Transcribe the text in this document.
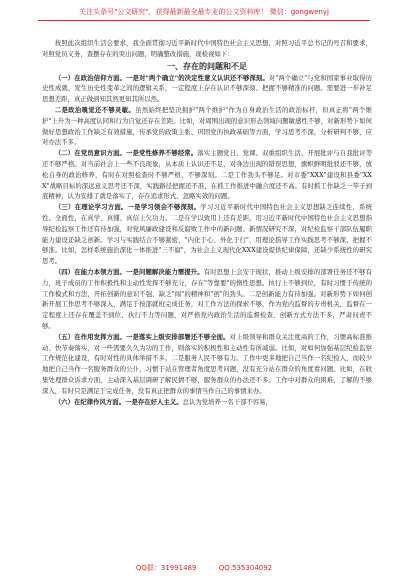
关注头条号"公文研究"，获得最新最全最专业的公文资料库！ 微信：gongwenyj

按照此次组织生活会要求，我全面贯彻习近平新时代中国特色社会主义思想，对照习近平总书记的号召和要求，对照党员义务，查摆存在的突出问题，明确整改措施，现检视如下：

一、存在的问题和不足

（一）在政治信仰方面。一是对"两个确立"的决定性意义认识还不够深刻。对"两个确立"与党和国家事业取得历史性成就、发生历史性变革之间的逻辑关系，一定程度上存在认识不够深刻、把握不够精准的问题。需要进一步补足思想差距，真正做到知其然更知其所以然。

二是政治嗅觉还不够灵敏。虽然始终把坚决拥护"两个维护"作为自身政治生活的政治标杆，但真正将"两个维护"上升为一种高度认同和行为自觉还存在差距。比如，对周围出现的意识形态领域问题敏感性不够，对新形势下如何做好思想政治工作缺乏有效措施，传承党的政策主张、巩固党的执政基础等方面，学习思考不深，分析研判不够，应对办法不多。

（二）在党员意识方面。一是党性修养不够经常。落实主题党日、党课、双重组织生活、开展批评与自我批评等还不够严格。对当前社会上一些不良现象，从本质上认识还不足，对身边出现的错误思想，旗帜鲜明批驳还不够，放松自身的政治修养，有时在对照检查时不够严格、不够深刻。二是工作劲头不够足。对市委"XXX"建设和县委"XXX"战略目标的深远意义思考还不深，实践路径把握还不准，在抓工作推进中融合度还不高。有时抓工作缺乏一竿子到底精神，认为安排了就是落实了，存在追求形式、忽略实效的问题。

（三）在理论学习方面。一是学习领会不够深刻。学习习近平新时代中国特色社会主义思想缺乏连续性、系统性、全面性，在真学、真懂、真信上欠功力。二是在学以致用上还有差距。用习近平新时代中国特色社会主义思想指导纪检监察工作还有待加强，对党风廉政建设和反腐败工作中的新问题、新情况研究不深，对纪检监察干部队伍履职能力建设还缺乏创新。学习与实践结合不够紧密，"内化于心、外化于行"，用理论指导工作实践思考不够深、把握不够准。比如，怎样系统施治深化一体推进"三不腐"，为社会主义现代化XXX建设提供纪律保障，还缺少系统性的研究思考。

（四）在能力本领方面。一是问题解决能力需提升。有时思想上会安于现状，推动上级安排的部署任务还不够有力，班子成员的工作积极性和主动性发挥不够充分，存在"等靠要"的惰性思想。执行上不够到位，有时习惯于传统的工作模式和方法，开拓创新的意识不强，缺乏"闯"的精神和"创"的劲头。二是创新能力有待加强。对新形势下如何创新开展工作思考不够深入，满足于按部就班完成任务，对工作方法的探索不够，作为党内监督的专责机关，监督在一定程度上还存在覆盖不到位、执行不力等问题，对严格党内政治生活的监督检查，创新方式方法不多，严肃问责不够。

（五）在作用发挥方面。一是落实上级安排部署还不够全面。对上级领导和群众关注度高的工作，习惯高标准推动、快节奏落实，对一些需要久久为功的工作，则落实的积极性和主动性有所减弱。比如，对如何加强基层纪检监察工作规范化建设，有时对性的具体举措不多。二是服务人民不够有力。工作中更多地把自己当作一名纪检人，而较少地把自己当作一名服务群众的公仆，习惯于站在管理者角度思考问题，没有充分站在群众的角度看问题。比如，在收集处理群众诉求方面，主动深入基层调研了解民情不够，服务群众的办法还不多。工作中对群众的困难，了解的不够深入，有时只是满足于完成任务，没有真正把群众的事情当作自己的事情来办。

（六）在纪律作风方面。一是存在好人主义。总认为党培养一名干部不容易，

QQ群：31991489	QQ:535304092
